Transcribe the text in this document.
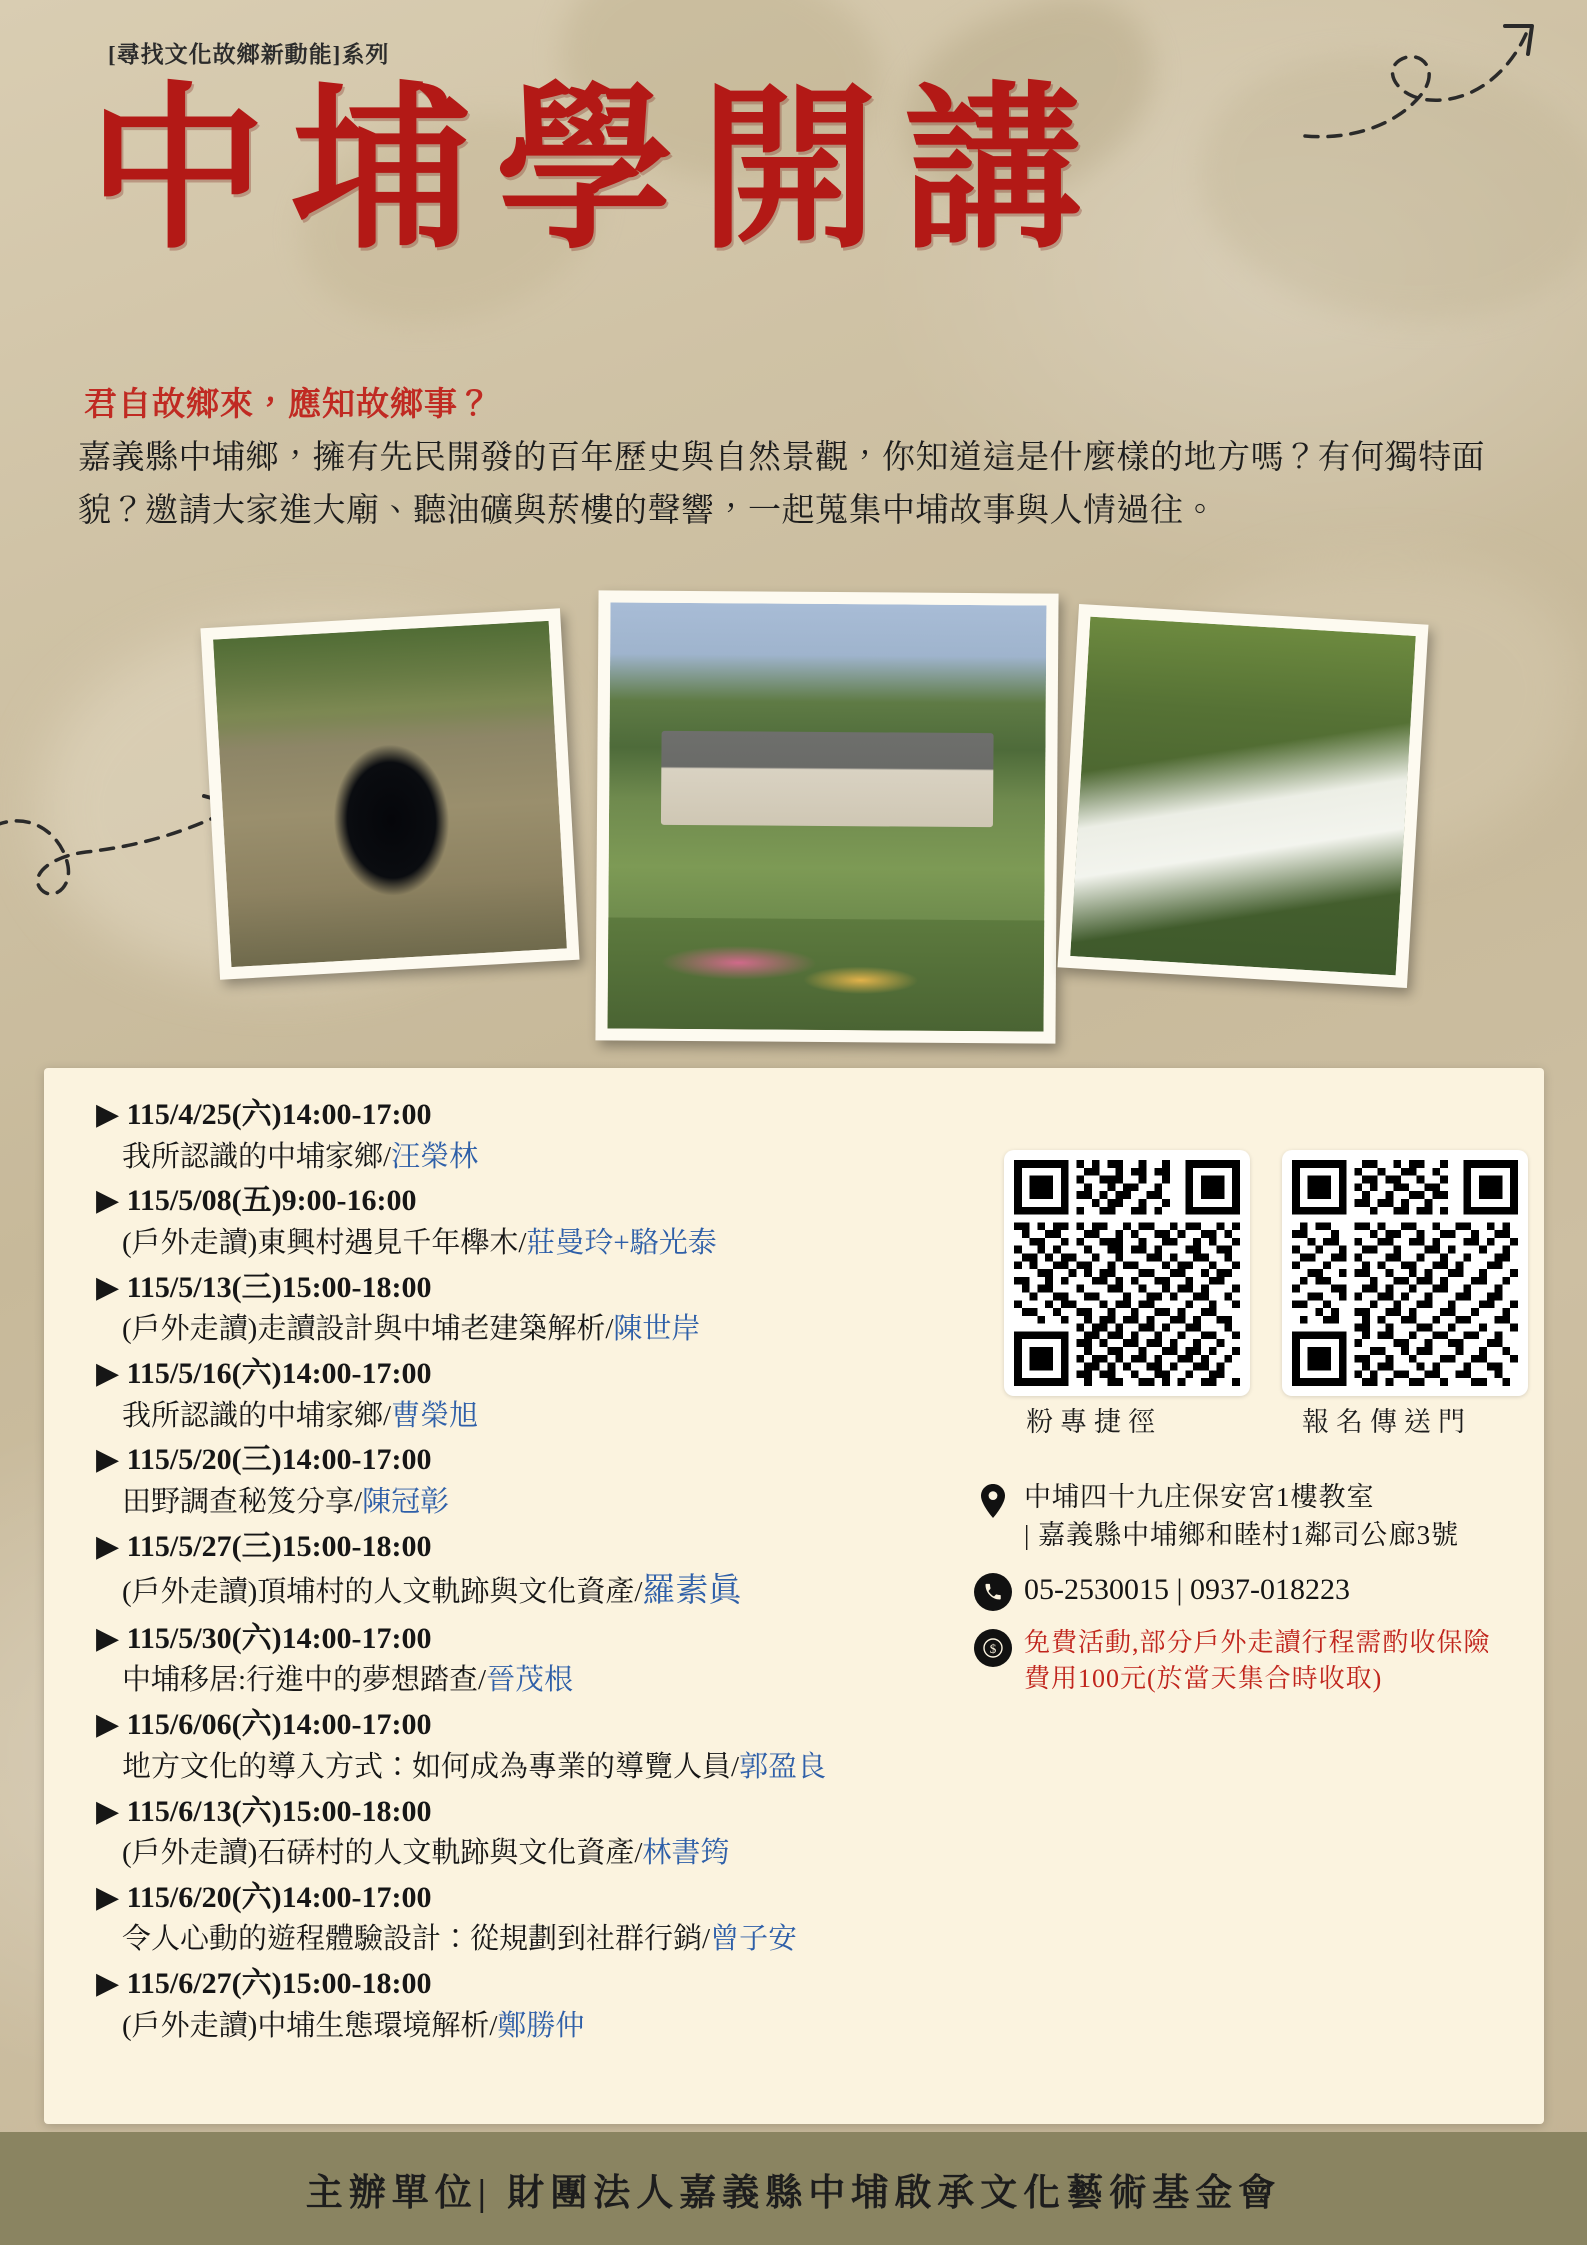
[尋找文化故鄉新動能]系列
中埔學開講
君自故鄉來，應知故鄉事？
嘉義縣中埔鄉，擁有先民開發的百年歷史與自然景觀，你知道這是什麼樣的地方嗎？有何獨特面貌？邀請大家進大廟、聽油礦與菸樓的聲響，一起蒐集中埔故事與人情過往。
▶ 115/4/25(六)14:00-17:00
我所認識的中埔家鄉/汪榮林
▶ 115/5/08(五)9:00-16:00
(戶外走讀)東興村遇見千年櫸木/莊曼玲+駱光泰
▶ 115/5/13(三)15:00-18:00
(戶外走讀)走讀設計與中埔老建築解析/陳世岸
▶ 115/5/16(六)14:00-17:00
我所認識的中埔家鄉/曹榮旭
▶ 115/5/20(三)14:00-17:00
田野調查秘笈分享/陳冠彰
▶ 115/5/27(三)15:00-18:00
(戶外走讀)頂埔村的人文軌跡與文化資產/羅素眞
▶ 115/5/30(六)14:00-17:00
中埔移居:行進中的夢想踏查/晉茂根
▶ 115/6/06(六)14:00-17:00
地方文化的導入方式：如何成為專業的導覽人員/郭盈良
▶ 115/6/13(六)15:00-18:00
(戶外走讀)石硦村的人文軌跡與文化資產/林書筠
▶ 115/6/20(六)14:00-17:00
令人心動的遊程體驗設計：從規劃到社群行銷/曾子安
▶ 115/6/27(六)15:00-18:00
(戶外走讀)中埔生態環境解析/鄭勝仲
粉專捷徑	報名傳送門
中埔四十九庄保安宮1樓教室
| 嘉義縣中埔鄉和睦村1鄰司公廊3號
05-2530015 | 0937-018223
$ 免費活動,部分戶外走讀行程需酌收保險
費用100元(於當天集合時收取)
主辦單位| 財團法人嘉義縣中埔啟承文化藝術基金會
